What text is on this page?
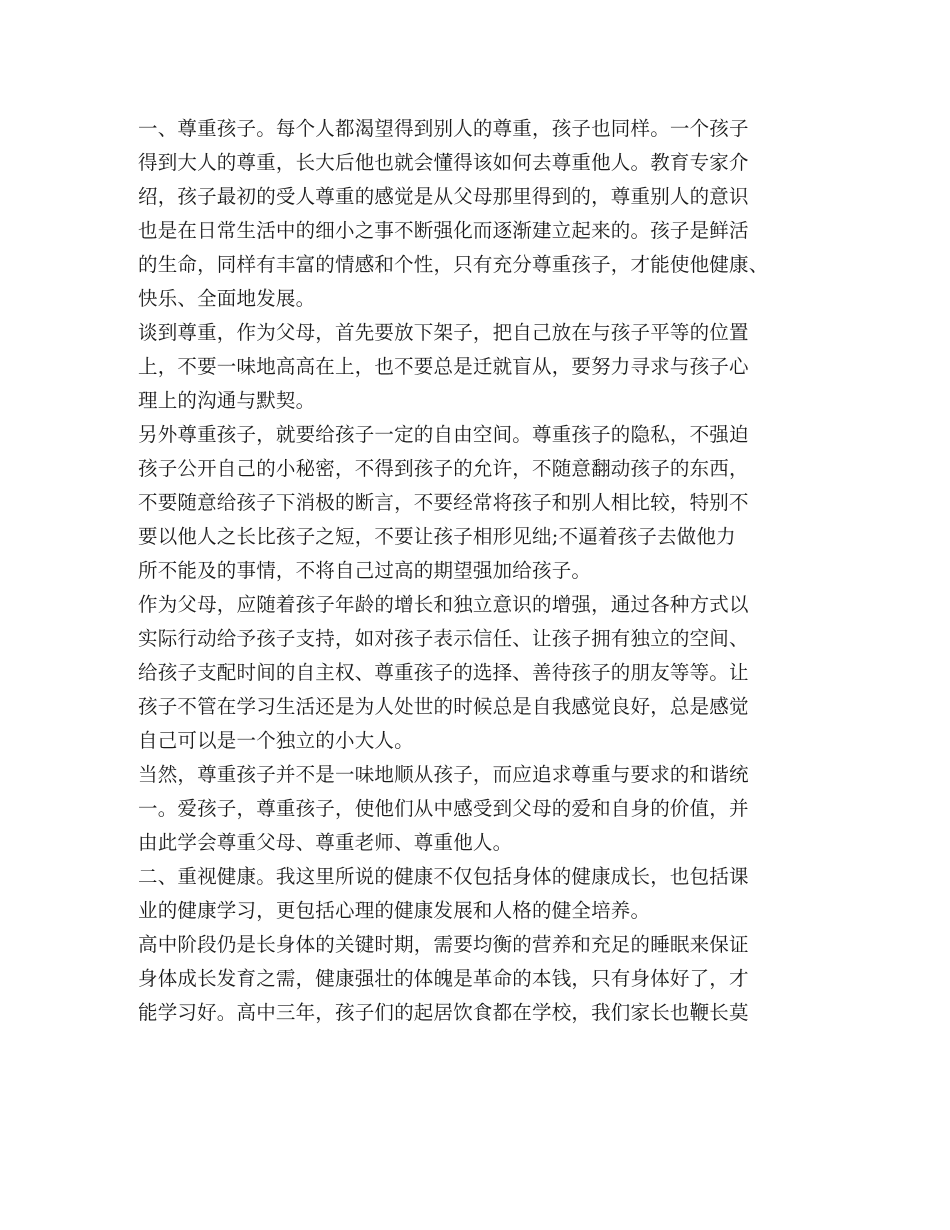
一、尊重孩子。每个人都渴望得到别人的尊重，孩子也同样。一个孩子
得到大人的尊重，长大后他也就会懂得该如何去尊重他人。教育专家介
绍，孩子最初的受人尊重的感觉是从父母那里得到的，尊重别人的意识
也是在日常生活中的细小之事不断强化而逐渐建立起来的。孩子是鲜活
的生命，同样有丰富的情感和个性，只有充分尊重孩子，才能使他健康、
快乐、全面地发展。

谈到尊重，作为父母，首先要放下架子，把自己放在与孩子平等的位置
上，不要一味地高高在上，也不要总是迁就盲从，要努力寻求与孩子心
理上的沟通与默契。

另外尊重孩子，就要给孩子一定的自由空间。尊重孩子的隐私，不强迫
孩子公开自己的小秘密，不得到孩子的允许，不随意翻动孩子的东西，
不要随意给孩子下消极的断言，不要经常将孩子和别人相比较，特别不
要以他人之长比孩子之短，不要让孩子相形见绌;不逼着孩子去做他力
所不能及的事情，不将自己过高的期望强加给孩子。

作为父母，应随着孩子年龄的增长和独立意识的增强，通过各种方式以
实际行动给予孩子支持，如对孩子表示信任、让孩子拥有独立的空间、
给孩子支配时间的自主权、尊重孩子的选择、善待孩子的朋友等等。让
孩子不管在学习生活还是为人处世的时候总是自我感觉良好，总是感觉
自己可以是一个独立的小大人。

当然，尊重孩子并不是一味地顺从孩子，而应追求尊重与要求的和谐统
一。爱孩子，尊重孩子，使他们从中感受到父母的爱和自身的价值，并
由此学会尊重父母、尊重老师、尊重他人。

二、重视健康。我这里所说的健康不仅包括身体的健康成长，也包括课
业的健康学习，更包括心理的健康发展和人格的健全培养。

高中阶段仍是长身体的关键时期，需要均衡的营养和充足的睡眠来保证
身体成长发育之需，健康强壮的体魄是革命的本钱，只有身体好了，才
能学习好。高中三年，孩子们的起居饮食都在学校，我们家长也鞭长莫
